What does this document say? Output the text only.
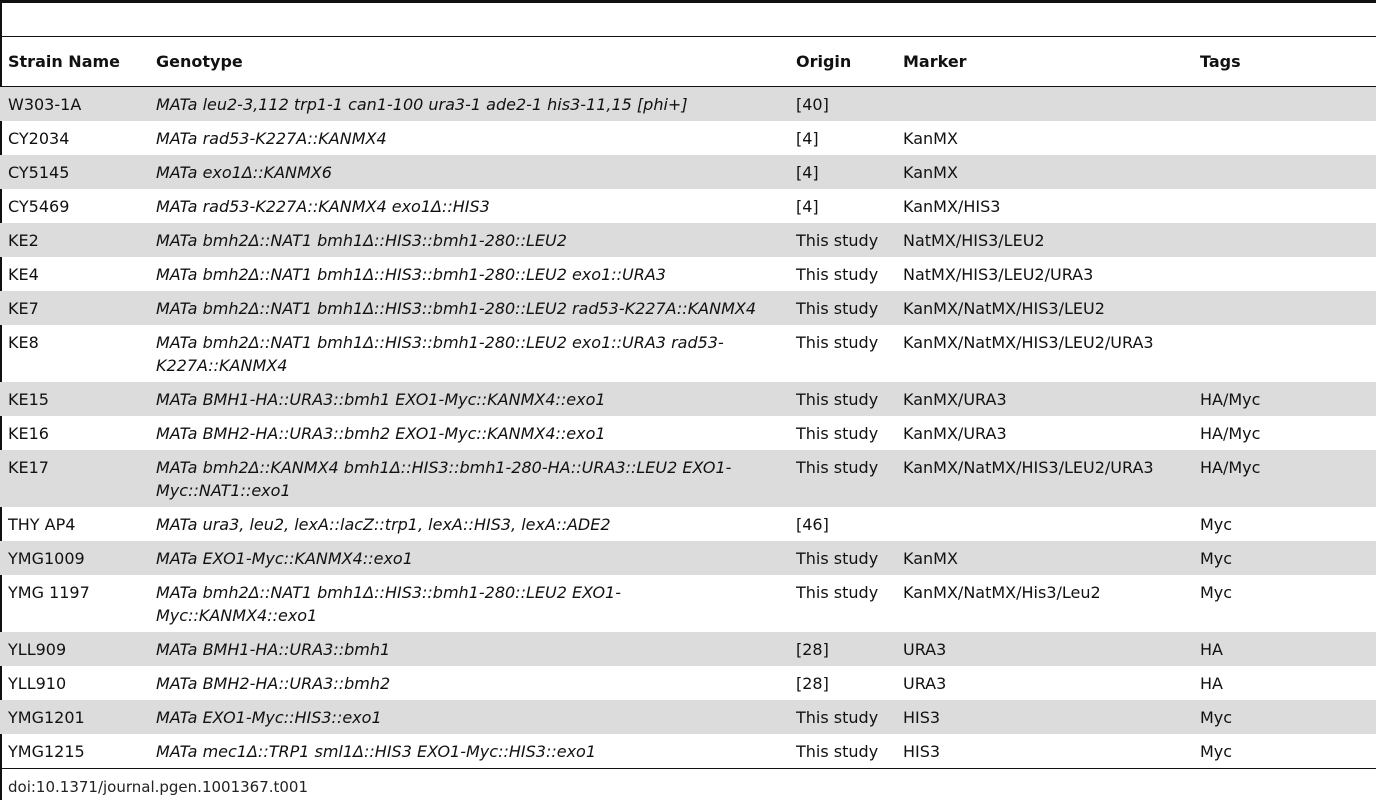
Strain Name	Genotype	Origin	Marker	Tags
W303-1A	MATa leu2-3,112 trp1-1 can1-100 ura3-1 ade2-1 his3-11,15 [phi+]	[40]		
CY2034	MATa rad53-K227A::KANMX4	[4]	KanMX	
CY5145	MATa exo1Δ::KANMX6	[4]	KanMX	
CY5469	MATa rad53-K227A::KANMX4 exo1Δ::HIS3	[4]	KanMX/HIS3	
KE2	MATa bmh2Δ::NAT1 bmh1Δ::HIS3::bmh1-280::LEU2	This study	NatMX/HIS3/LEU2	
KE4	MATa bmh2Δ::NAT1 bmh1Δ::HIS3::bmh1-280::LEU2 exo1::URA3	This study	NatMX/HIS3/LEU2/URA3	
KE7	MATa bmh2Δ::NAT1 bmh1Δ::HIS3::bmh1-280::LEU2 rad53-K227A::KANMX4	This study	KanMX/NatMX/HIS3/LEU2	
KE8	MATa bmh2Δ::NAT1 bmh1Δ::HIS3::bmh1-280::LEU2 exo1::URA3 rad53-K227A::KANMX4	This study	KanMX/NatMX/HIS3/LEU2/URA3	
KE15	MATa BMH1-HA::URA3::bmh1 EXO1-Myc::KANMX4::exo1	This study	KanMX/URA3	HA/Myc
KE16	MATa BMH2-HA::URA3::bmh2 EXO1-Myc::KANMX4::exo1	This study	KanMX/URA3	HA/Myc
KE17	MATa bmh2Δ::KANMX4 bmh1Δ::HIS3::bmh1-280-HA::URA3::LEU2 EXO1-Myc::NAT1::exo1	This study	KanMX/NatMX/HIS3/LEU2/URA3	HA/Myc
THY AP4	MATa ura3, leu2, lexA::lacZ::trp1, lexA::HIS3, lexA::ADE2	[46]		Myc
YMG1009	MATa EXO1-Myc::KANMX4::exo1	This study	KanMX	Myc
YMG 1197	MATa bmh2Δ::NAT1 bmh1Δ::HIS3::bmh1-280::LEU2 EXO1-Myc::KANMX4::exo1	This study	KanMX/NatMX/His3/Leu2	Myc
YLL909	MATa BMH1-HA::URA3::bmh1	[28]	URA3	HA
YLL910	MATa BMH2-HA::URA3::bmh2	[28]	URA3	HA
YMG1201	MATa EXO1-Myc::HIS3::exo1	This study	HIS3	Myc
YMG1215	MATa mec1Δ::TRP1 sml1Δ::HIS3 EXO1-Myc::HIS3::exo1	This study	HIS3	Myc
doi:10.1371/journal.pgen.1001367.t001
